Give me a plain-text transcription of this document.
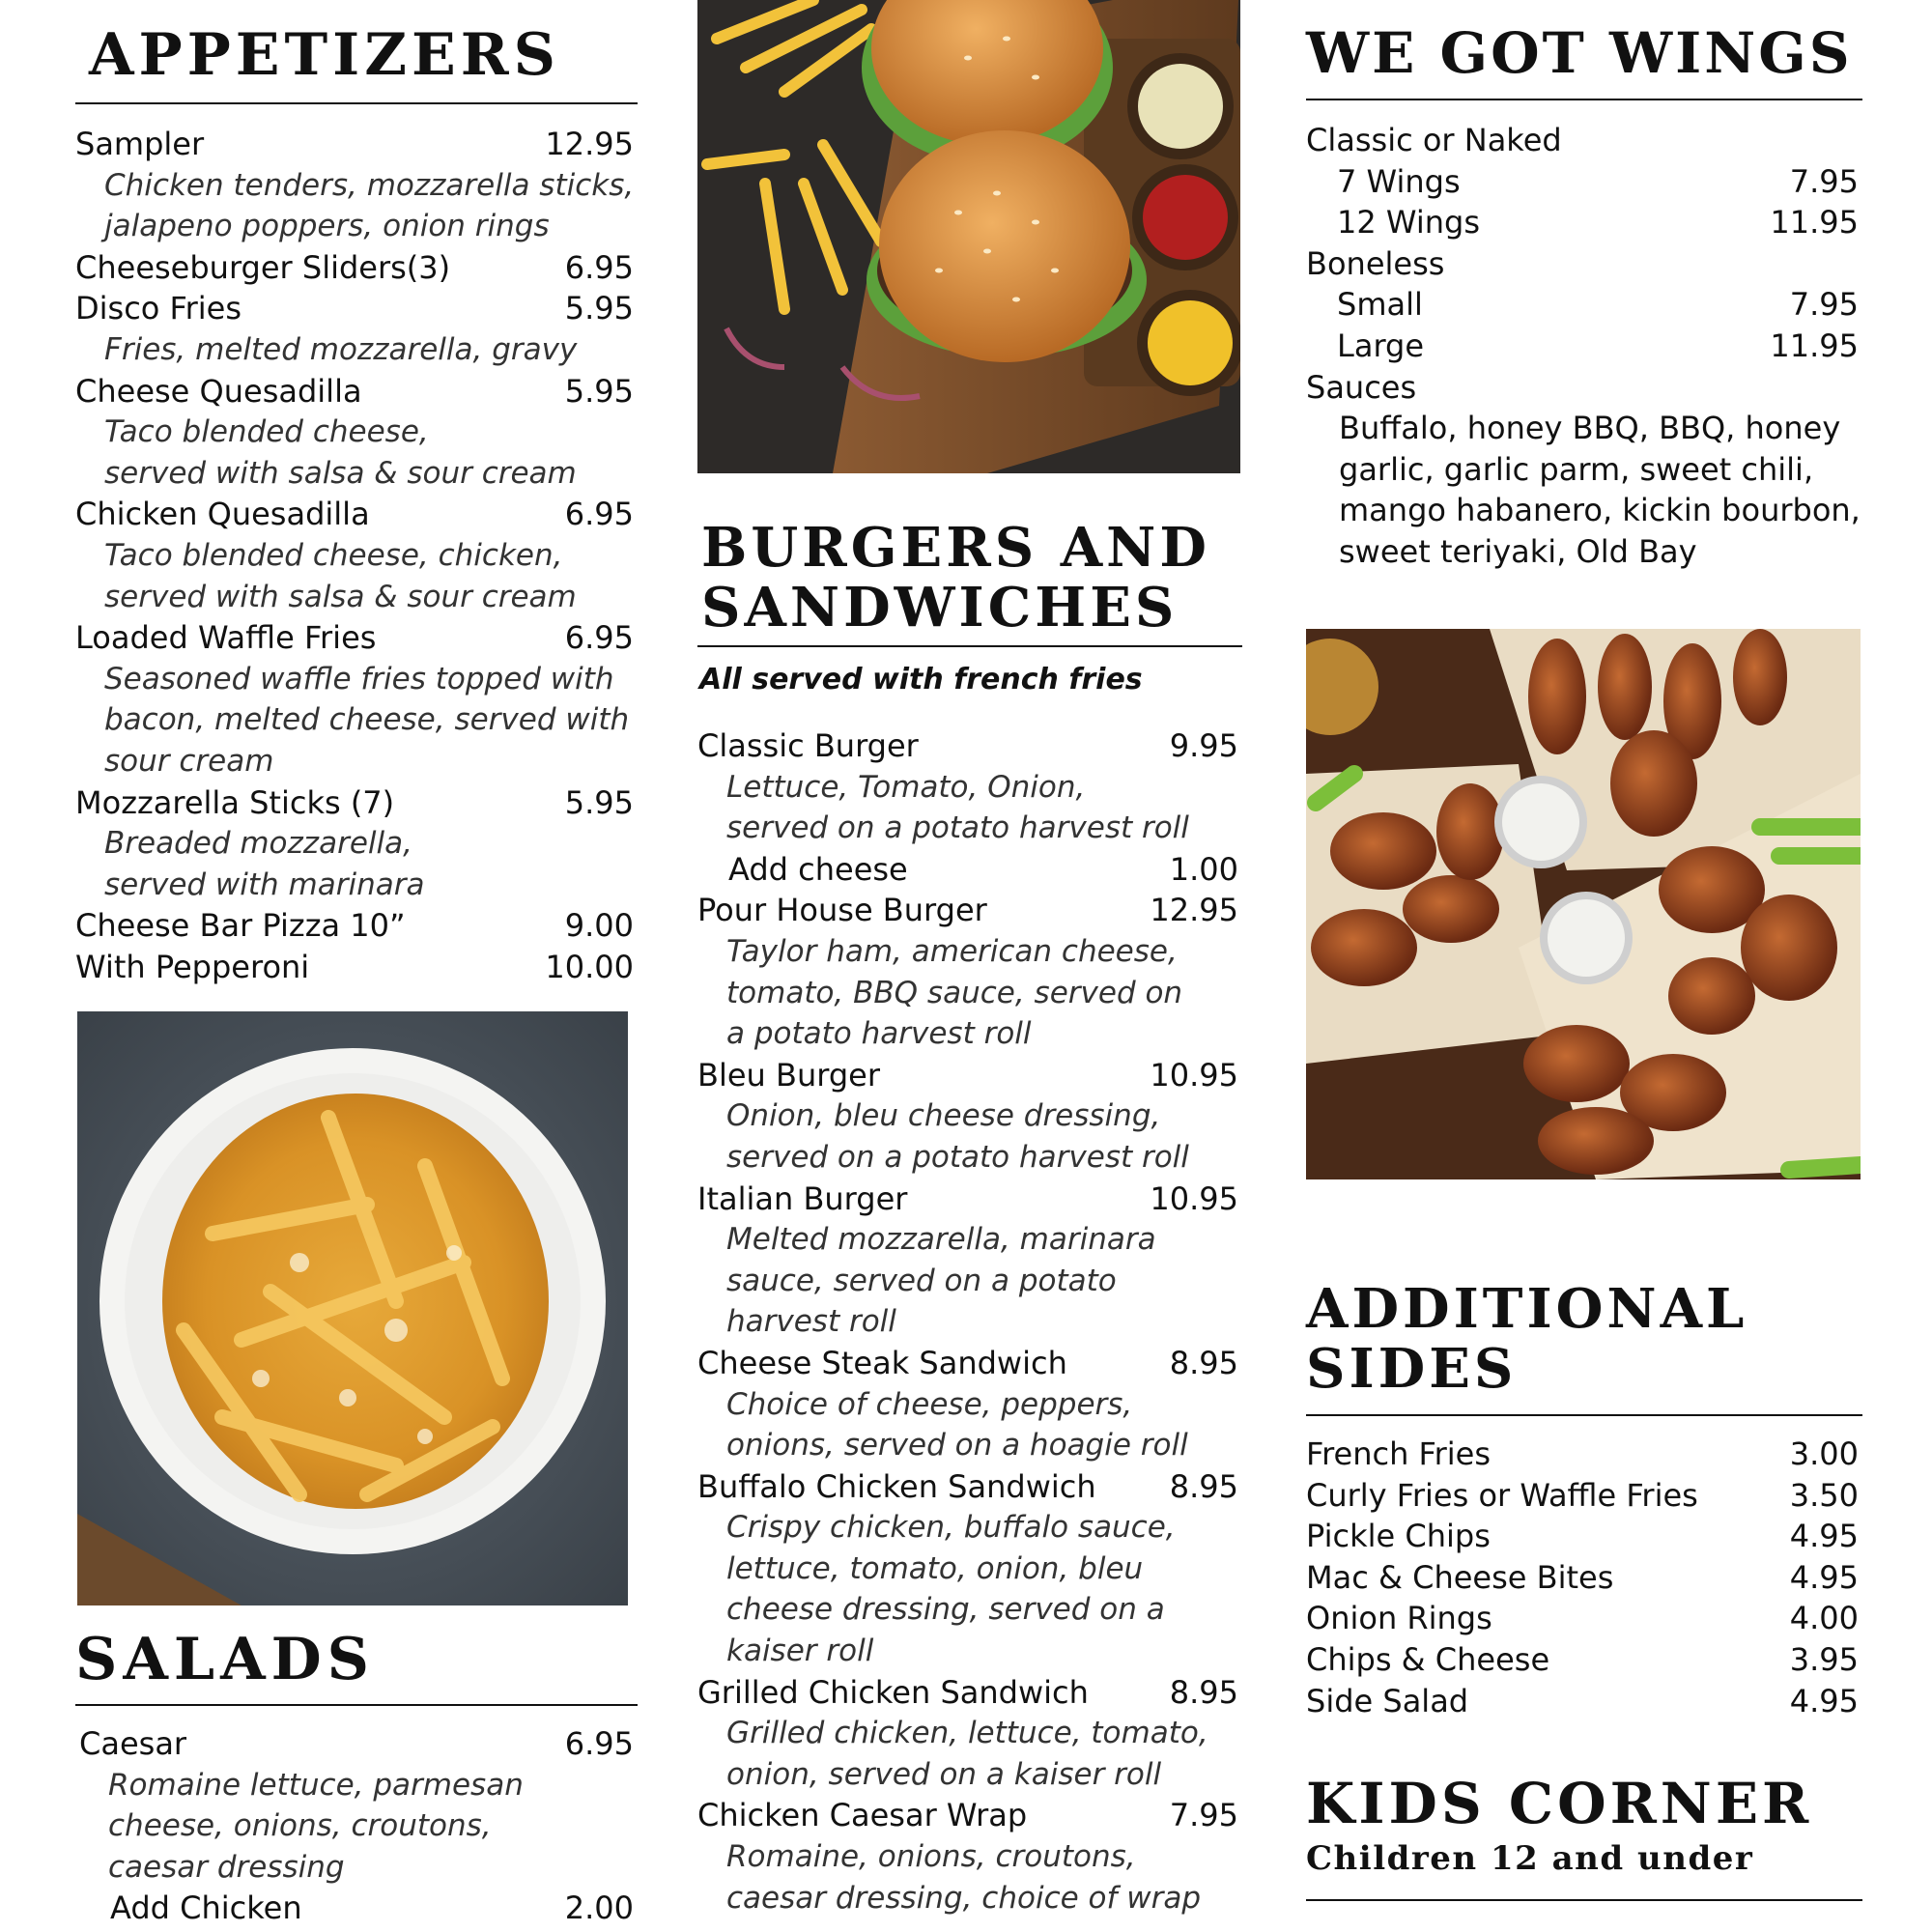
APPETIZERS
Sampler	12.95
Chicken tenders, mozzarella sticks,
jalapeno poppers, onion rings
Cheeseburger Sliders(3)	6.95
Disco Fries	5.95
Fries, melted mozzarella, gravy
Cheese Quesadilla	5.95
Taco blended cheese,
served with salsa & sour cream
Chicken Quesadilla	6.95
Taco blended cheese, chicken,
served with salsa & sour cream
Loaded Waffle Fries	6.95
Seasoned waffle fries topped with
bacon, melted cheese, served with
sour cream
Mozzarella Sticks (7)	5.95
Breaded mozzarella,
served with marinara
Cheese Bar Pizza 10”	9.00
With Pepperoni	10.00
SALADS
Caesar	6.95
Romaine lettuce, parmesan
cheese, onions, croutons,
caesar dressing
Add Chicken	2.00
BURGERS AND
SANDWICHES
All served with french fries
Classic Burger	9.95
Lettuce, Tomato, Onion,
served on a potato harvest roll
Add cheese	1.00
Pour House Burger	12.95
Taylor ham, american cheese,
tomato, BBQ sauce, served on
a potato harvest roll
Bleu Burger	10.95
Onion, bleu cheese dressing,
served on a potato harvest roll
Italian Burger	10.95
Melted mozzarella, marinara
sauce, served on a potato
harvest roll
Cheese Steak Sandwich	8.95
Choice of cheese, peppers,
onions, served on a hoagie roll
Buffalo Chicken Sandwich 8.95
Crispy chicken, buffalo sauce,
lettuce, tomato, onion, bleu
cheese dressing, served on a
kaiser roll
Grilled Chicken Sandwich	8.95
Grilled chicken, lettuce, tomato,
onion, served on a kaiser roll
Chicken Caesar Wrap	7.95
Romaine, onions, croutons,
caesar dressing, choice of wrap
WE GOT WINGS
Classic or Naked
7 Wings	7.95
12 Wings	11.95
Boneless
Small	7.95
Large	11.95
Sauces
Buffalo, honey BBQ, BBQ, honey
garlic, garlic parm, sweet chili,
mango habanero, kickin bourbon,
sweet teriyaki, Old Bay
ADDITIONAL
SIDES
French Fries	3.00
Curly Fries or Waffle Fries	3.50
Pickle Chips	4.95
Mac & Cheese Bites	4.95
Onion Rings	4.00
Chips & Cheese	3.95
Side Salad	4.95
KIDS CORNER
Children 12 and under
